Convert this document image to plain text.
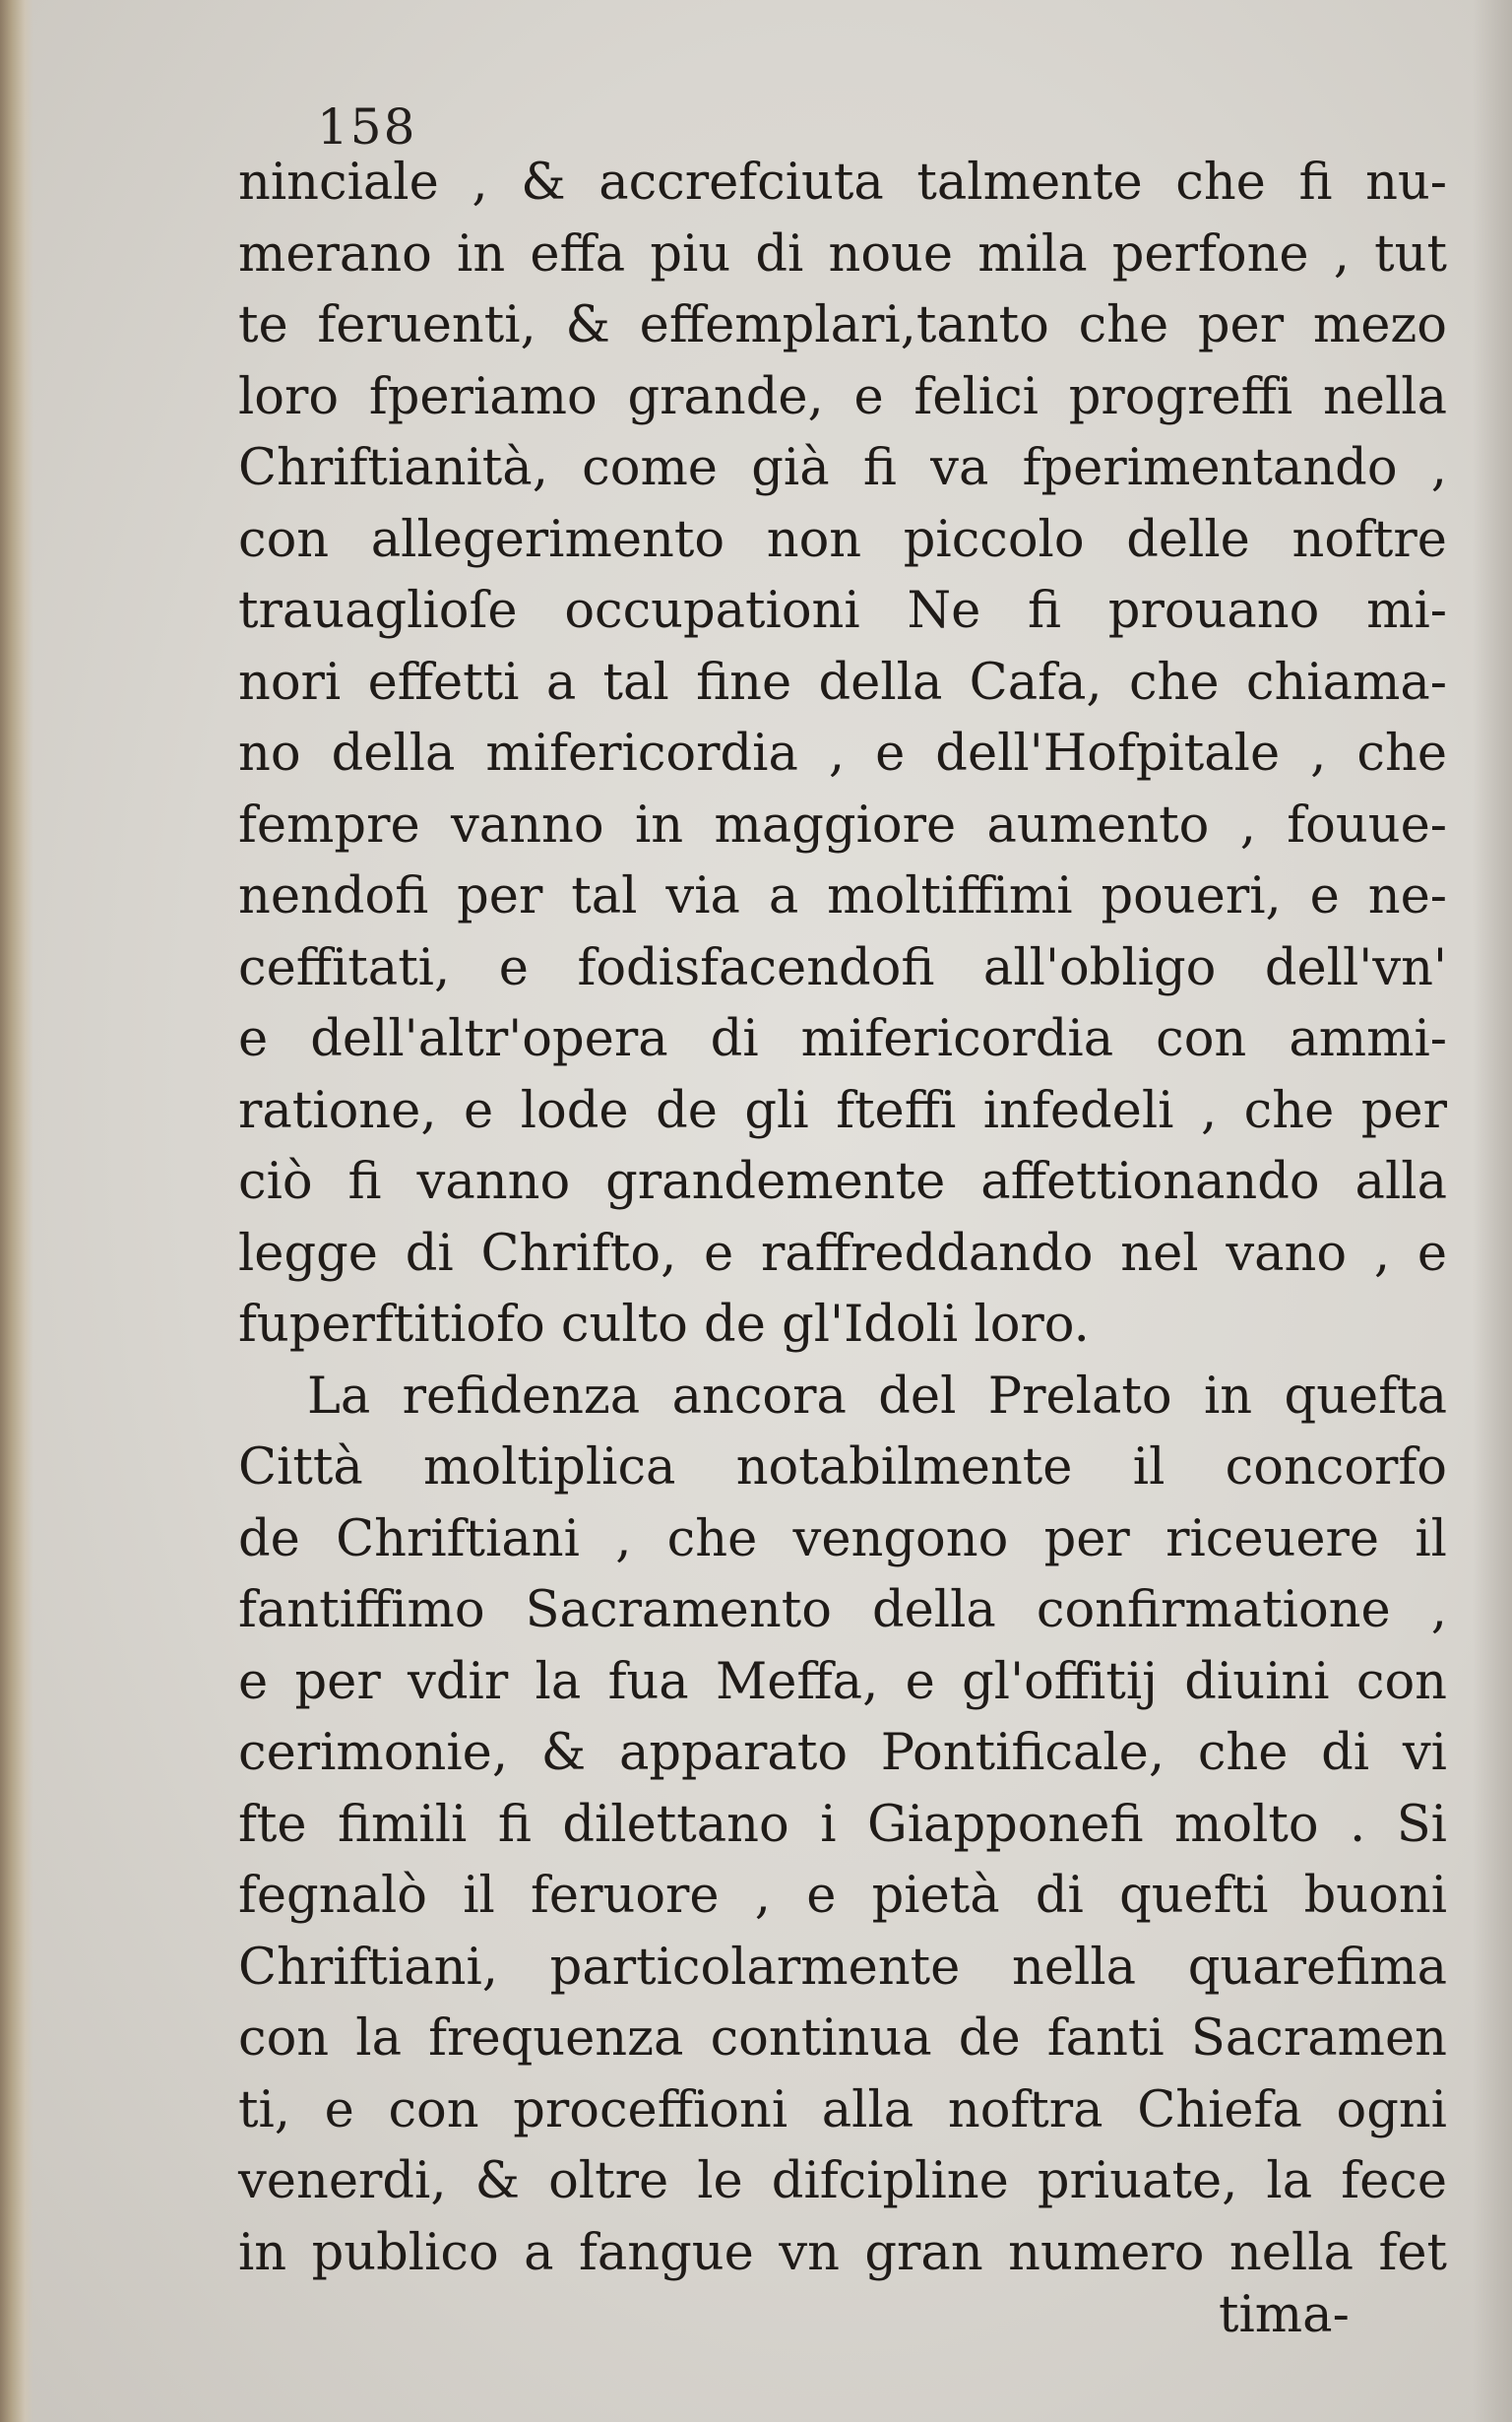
158
ninciale , & accrefciuta talmente che fi nu-
merano in effa piu di noue mila perfone , tut
te feruenti, & effemplari,tanto che per mezo
loro fperiamo grande, e felici progreffi nella
Chriftianità, come già fi va fperimentando ,
con allegerimento non piccolo delle noftre
trauaglioſe occupationi Ne fi prouano mi-
nori effetti a tal fine della Cafa, che chiama-
no della mifericordia , e dell'Hofpitale , che
fempre vanno in maggiore aumento , fouue-
nendofi per tal via a moltiffimi poueri, e ne-
ceffitati, e fodisfacendofi all'obligo dell'vn'
e dell'altr'opera di mifericordia con ammi-
ratione, e lode de gli fteffi infedeli , che per
ciò fi vanno grandemente affettionando alla
legge di Chrifto, e raffreddando nel vano , e
fuperftitiofo culto de gl'Idoli loro.
La refidenza ancora del Prelato in quefta
Città moltiplica notabilmente il concorfo
de Chriftiani , che vengono per riceuere il
fantiffimo Sacramento della confirmatione ,
e per vdir la fua Meffa, e gl'offitij diuini con
cerimonie, & apparato Pontificale, che di vi
fte fimili fi dilettano i Giapponefi molto . Si
fegnalò il feruore , e pietà di quefti buoni
Chriftiani, particolarmente nella quarefima
con la frequenza continua de fanti Sacramen
ti, e con proceffioni alla noftra Chiefa ogni
venerdi, & oltre le difcipline priuate, la fece
in publico a fangue vn gran numero nella fet
tima-
